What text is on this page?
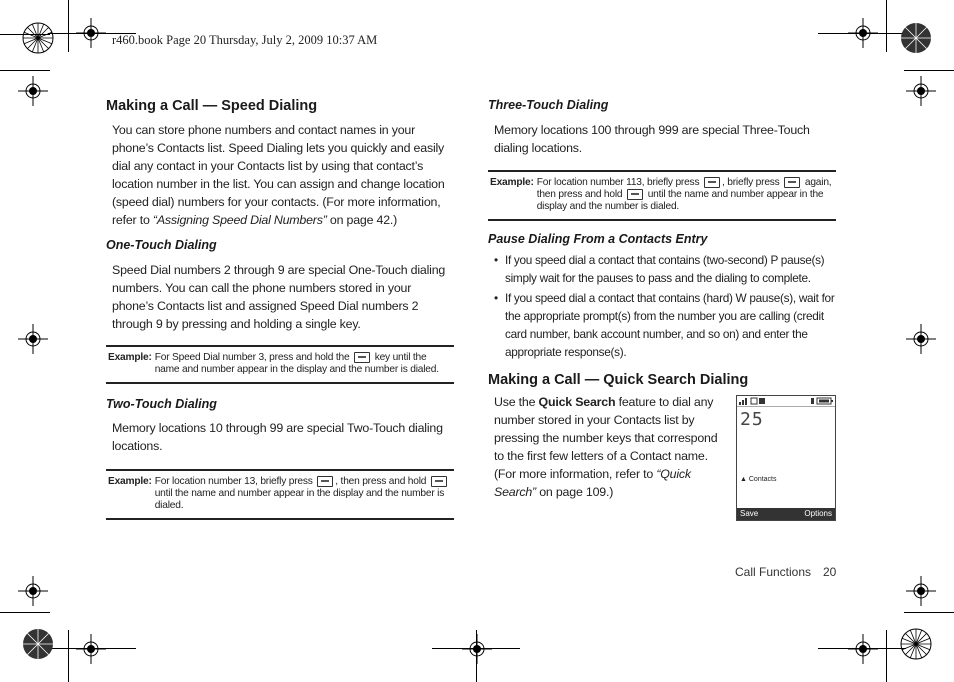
r460.book Page 20 Thursday, July 2, 2009 10:37 AM
Making a Call — Speed Dialing

You can store phone numbers and contact names in your phone’s Contacts list. Speed Dialing lets you quickly and easily dial any contact in your Contacts list by using that contact’s location number in the list. You can assign and change location (speed dial) numbers for your contacts. (For more information, refer to “Assigning Speed Dial Numbers” on page 42.)

One-Touch Dialing

Speed Dial numbers 2 through 9 are special One-Touch dialing numbers. You can call the phone numbers stored in your phone’s Contacts list and assigned Speed Dial numbers 2 through 9 by pressing and holding a single key.

Example: For Speed Dial number 3, press and hold the key until the name and number appear in the display and the number is dialed.
Two-Touch Dialing

Memory locations 10 through 99 are special Two-Touch dialing locations.

Example: For location number 13, briefly press , then press and hold  until the name and number appear in the display and the number is dialed.
Three-Touch Dialing

Memory locations 100 through 999 are special Three-Touch dialing locations.

Example: For location number 113, briefly press , briefly press again, then press and hold until the name and number appear in the display and the number is dialed.
Pause Dialing From a Contacts Entry
• If you speed dial a contact that contains (two-second) P pause(s) simply wait for the pauses to pass and the dialing to complete.
• If you speed dial a contact that contains (hard) W pause(s), wait for the appropriate prompt(s) from the number you are calling (credit card number, bank account number, and so on) and enter the appropriate response(s).
Making a Call — Quick Search Dialing

Use the Quick Search feature to dial any number stored in your Contacts list by pressing the number keys that correspond to the first few letters of a Contact name. (For more information, refer to “Quick Search” on page 109.)

25
▲ Contacts
Save	Options
Call Functions 20
